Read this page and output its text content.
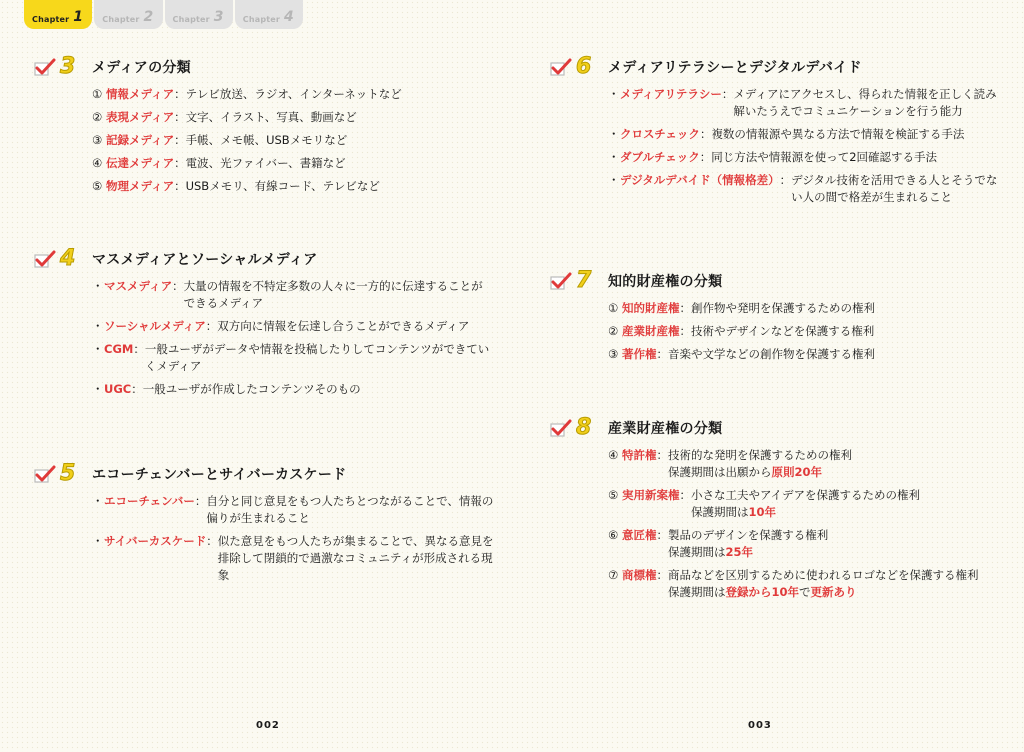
Chapter 1 Chapter 2 Chapter 3 Chapter 4
3	メディアの分類
① 情報メディア ： テレビ放送、ラジオ、インターネットなど
② 表現メディア ： 文字、イラスト、写真、動画など
③ 記録メディア ： 手帳、メモ帳、USBメモリなど
④ 伝達メディア ： 電波、光ファイバー、書籍など
⑤ 物理メディア ： USBメモリ、有線コード、テレビなど
4	マスメディアとソーシャルメディア
・ マスメディア ： 大量の情報を不特定多数の人々に一方的に伝達することができるメディア
・ ソーシャルメディア ： 双方向に情報を伝達し合うことができるメディア
・ CGM ： 一般ユーザがデータや情報を投稿したりしてコンテンツができていくメディア
・ UGC ： 一般ユーザが作成したコンテンツそのもの
5	エコーチェンバーとサイバーカスケード
・ エコーチェンバー ： 自分と同じ意見をもつ人たちとつながることで、情報の偏りが生まれること
・ サイバーカスケード ： 似た意見をもつ人たちが集まることで、異なる意見を排除して閉鎖的で過激なコミュニティが形成される現象
6	メディアリテラシーとデジタルデバイド
・ メディアリテラシー ： メディアにアクセスし、得られた情報を正しく読み解いたうえでコミュニケーションを行う能力
・ クロスチェック ： 複数の情報源や異なる方法で情報を検証する手法
・ ダブルチェック ： 同じ方法や情報源を使って2回確認する手法
・ デジタルデバイド（情報格差） ： デジタル技術を活用できる人とそうでない人の間で格差が生まれること
7	知的財産権の分類
① 知的財産権 ： 創作物や発明を保護するための権利
② 産業財産権 ： 技術やデザインなどを保護する権利
③ 著作権 ： 音楽や文学などの創作物を保護する権利
8	産業財産権の分類
④ 特許権 ： 技術的な発明を保護するための権利
保護期間は出願から原則20年
⑤ 実用新案権 ： 小さな工夫やアイデアを保護するための権利
保護期間は10年
⑥ 意匠権 ： 製品のデザインを保護する権利
保護期間は25年
⑦ 商標権 ： 商品などを区別するために使われるロゴなどを保護する権利
保護期間は登録から10年で更新あり
002	003
